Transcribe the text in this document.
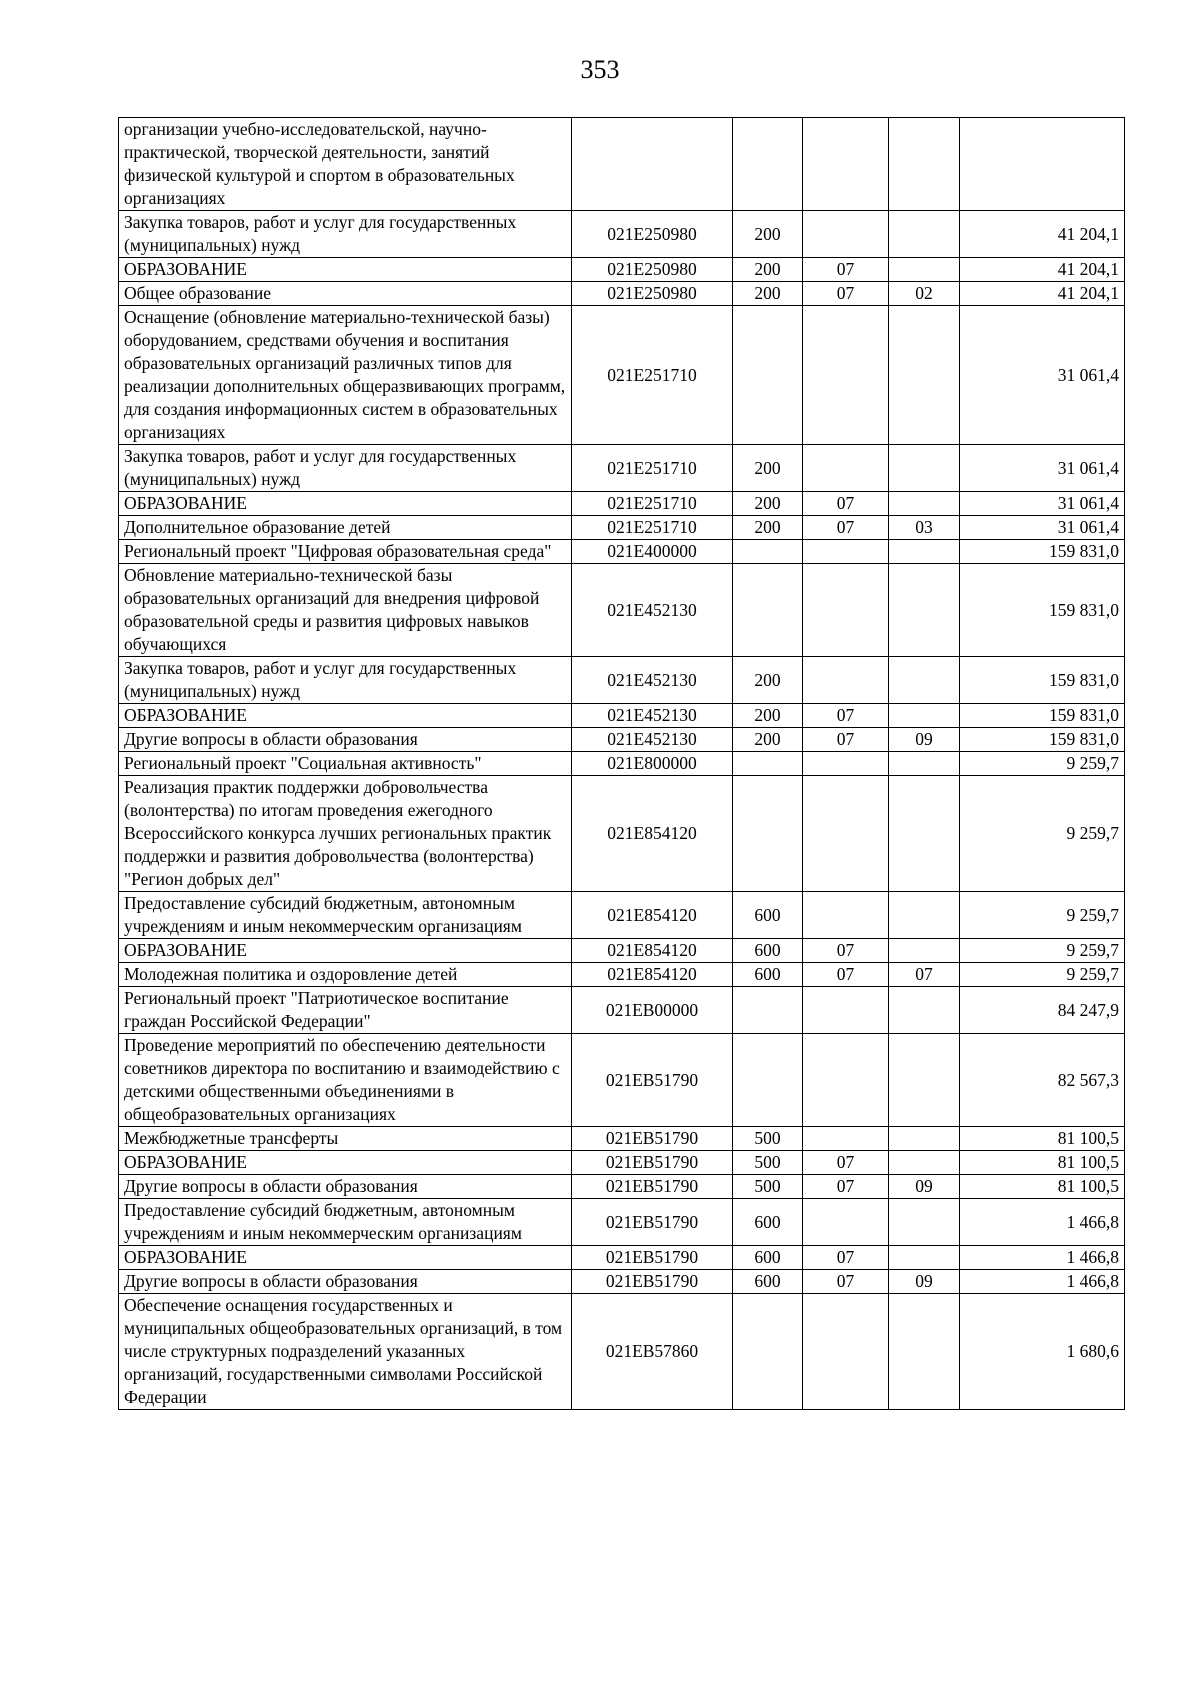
353
организации учебно-исследовательской, научно-практической, творческой деятельности, занятий физической культурой и спортом в образовательных организациях					
Закупка товаров, работ и услуг для государственных (муниципальных) нужд	021E250980	200			41 204,1
ОБРАЗОВАНИЕ	021E250980	200	07		41 204,1
Общее образование	021E250980	200	07	02	41 204,1
Оснащение (обновление материально-технической базы) оборудованием, средствами обучения и воспитания образовательных организаций различных типов для реализации дополнительных общеразвивающих программ, для создания информационных систем в образовательных организациях	021E251710				31 061,4
Закупка товаров, работ и услуг для государственных (муниципальных) нужд	021E251710	200			31 061,4
ОБРАЗОВАНИЕ	021E251710	200	07		31 061,4
Дополнительное образование детей	021E251710	200	07	03	31 061,4
Региональный проект "Цифровая образовательная среда"	021E400000				159 831,0
Обновление материально-технической базы образовательных организаций для внедрения цифровой образовательной среды и развития цифровых навыков обучающихся	021E452130				159 831,0
Закупка товаров, работ и услуг для государственных (муниципальных) нужд	021E452130	200			159 831,0
ОБРАЗОВАНИЕ	021E452130	200	07		159 831,0
Другие вопросы в области образования	021E452130	200	07	09	159 831,0
Региональный проект "Социальная активность"	021E800000				9 259,7
Реализация практик поддержки добровольчества (волонтерства) по итогам проведения ежегодного Всероссийского конкурса лучших региональных практик поддержки и развития добровольчества (волонтерства) "Регион добрых дел"	021E854120				9 259,7
Предоставление субсидий бюджетным, автономным учреждениям и иным некоммерческим организациям	021E854120	600			9 259,7
ОБРАЗОВАНИЕ	021E854120	600	07		9 259,7
Молодежная политика и оздоровление детей	021E854120	600	07	07	9 259,7
Региональный проект "Патриотическое воспитание граждан Российской Федерации"	021EB00000				84 247,9
Проведение мероприятий по обеспечению деятельности советников директора по воспитанию и взаимодействию с детскими общественными объединениями в общеобразовательных организациях	021EB51790				82 567,3
Межбюджетные трансферты	021EB51790	500			81 100,5
ОБРАЗОВАНИЕ	021EB51790	500	07		81 100,5
Другие вопросы в области образования	021EB51790	500	07	09	81 100,5
Предоставление субсидий бюджетным, автономным учреждениям и иным некоммерческим организациям	021EB51790	600			1 466,8
ОБРАЗОВАНИЕ	021EB51790	600	07		1 466,8
Другие вопросы в области образования	021EB51790	600	07	09	1 466,8
Обеспечение оснащения государственных и муниципальных общеобразовательных организаций, в том числе структурных подразделений указанных организаций, государственными символами Российской Федерации	021EB57860				1 680,6
